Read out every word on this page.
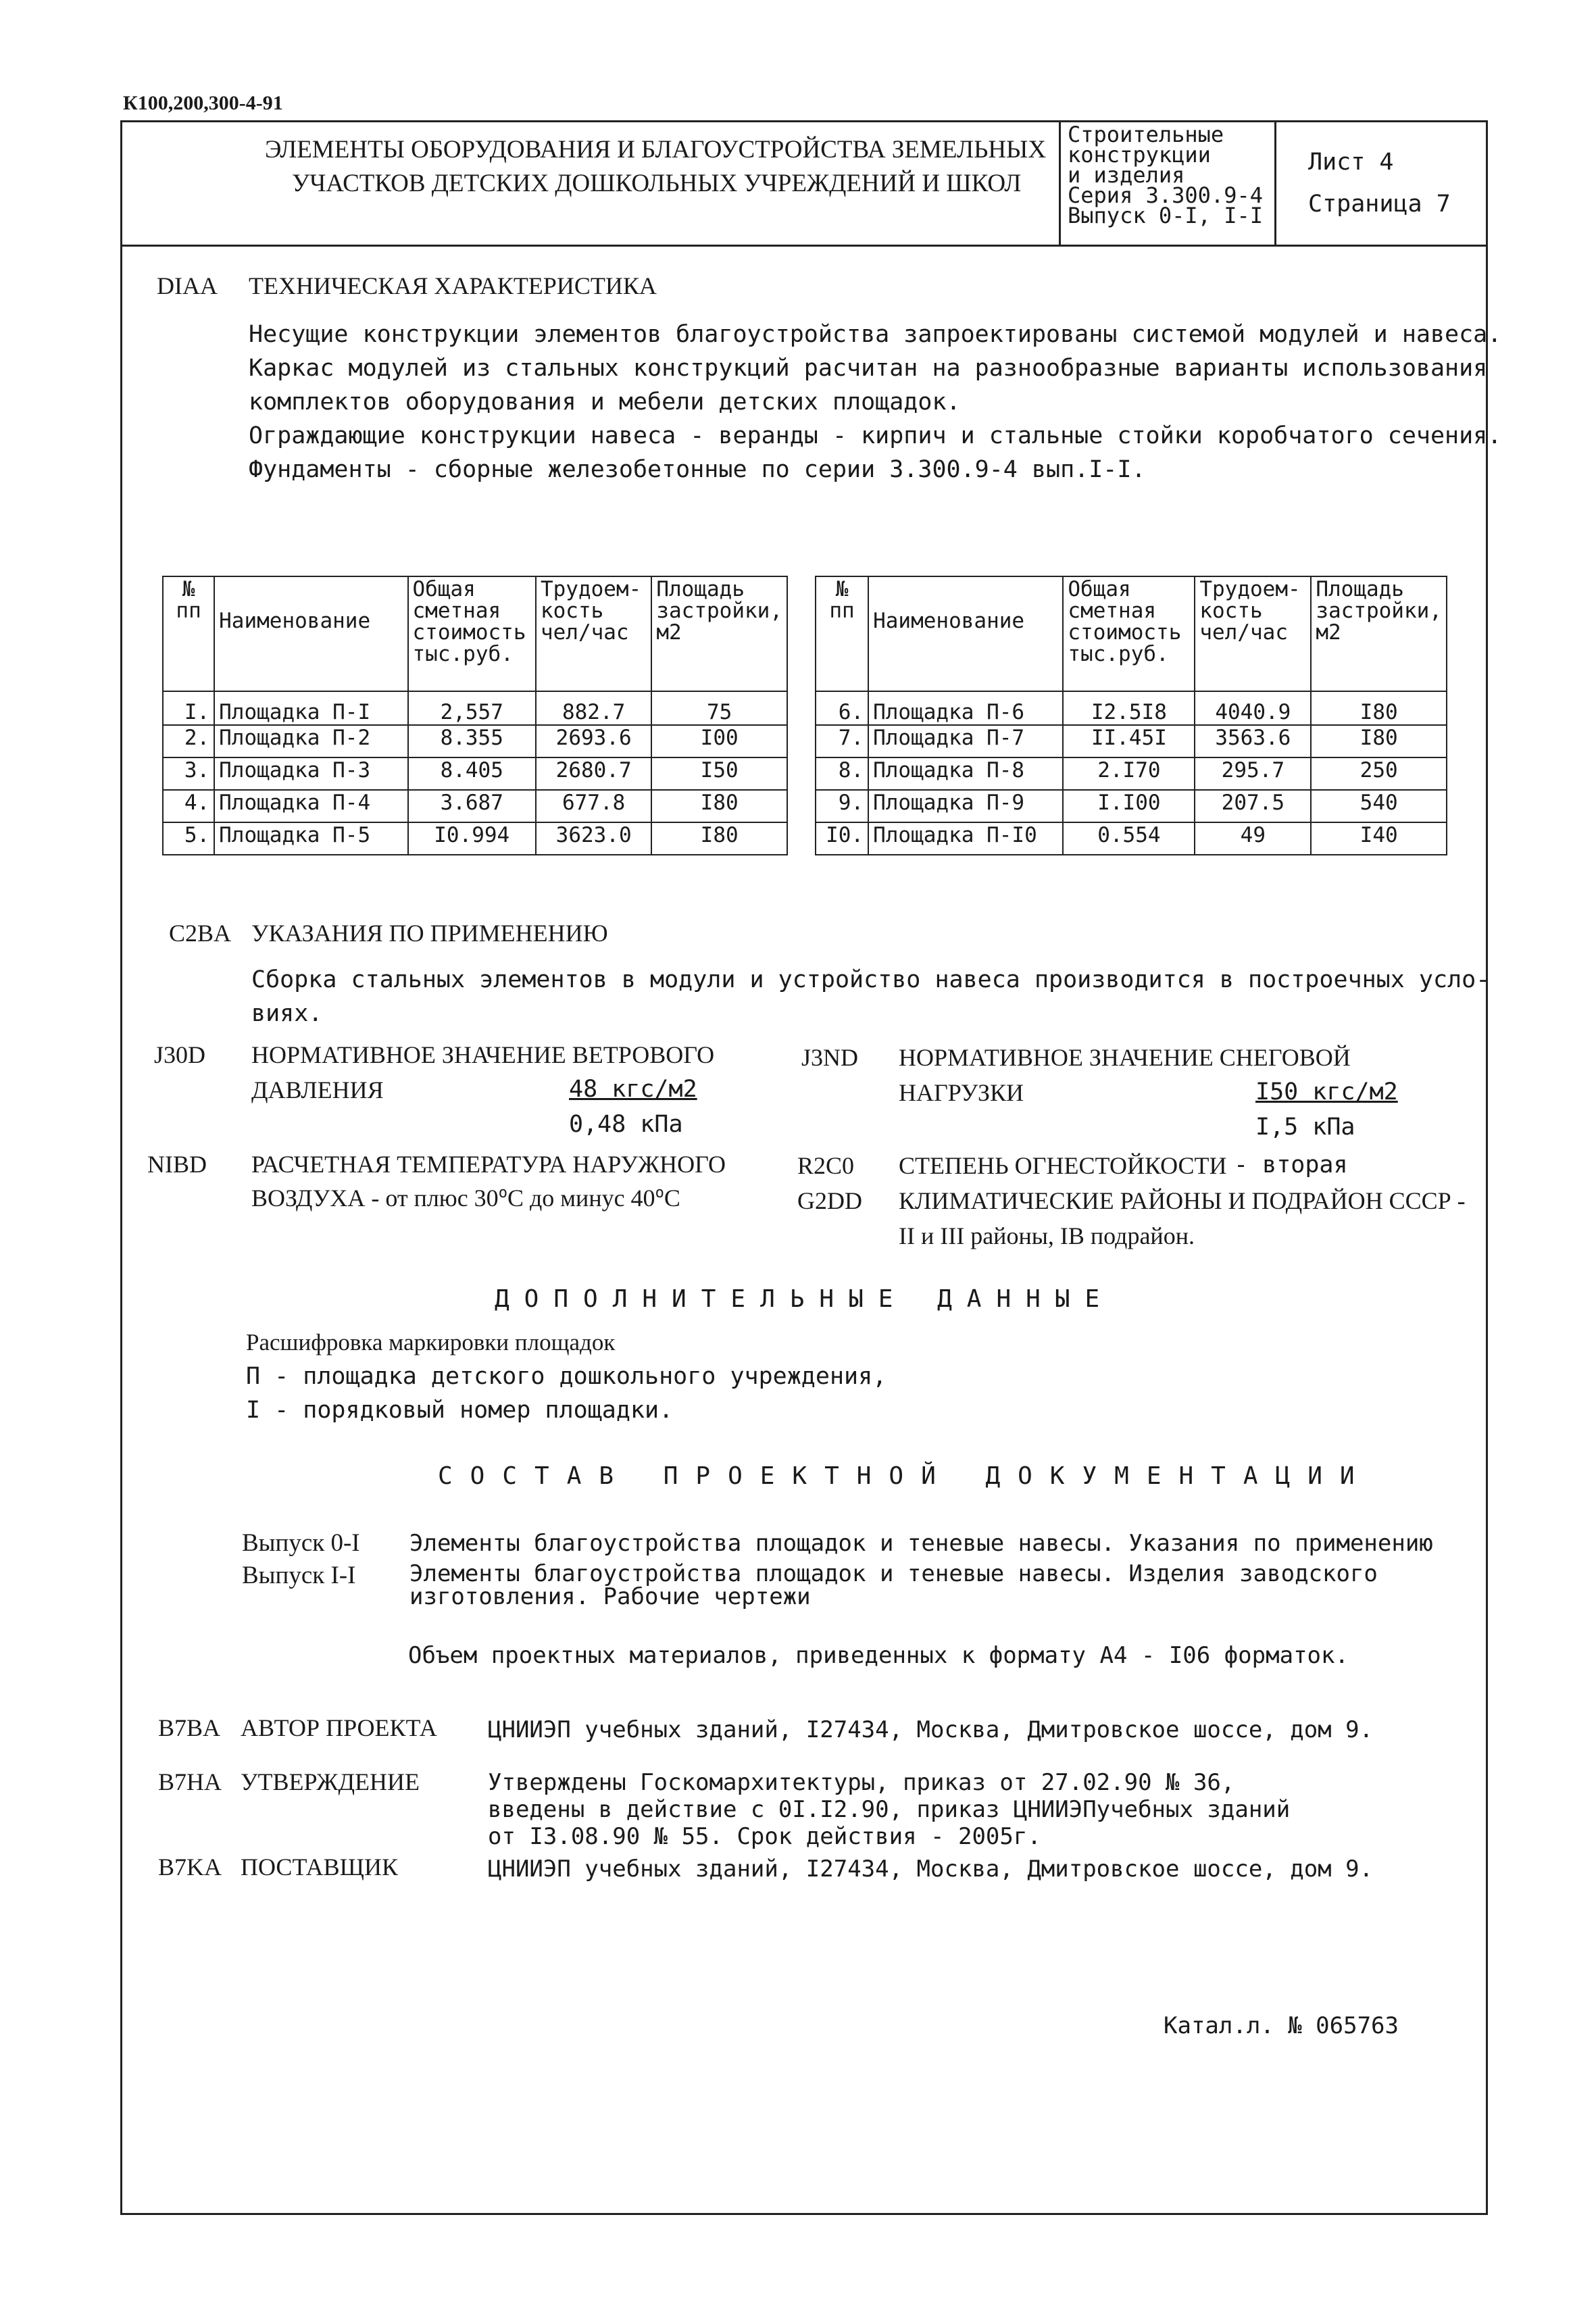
К100,200,300-4-91
ЭЛЕМЕНТЫ ОБОРУДОВАНИЯ И БЛАГОУСТРОЙСТВА ЗЕМЕЛЬНЫХ
УЧАСТКОВ ДЕТСКИХ ДОШКОЛЬНЫХ УЧРЕЖДЕНИЙ И ШКОЛ
Строительные
конструкции
и изделия
Серия 3.300.9-4
Выпуск 0-I, I-I
Лист 4
Страница 7
DIAA ТЕХНИЧЕСКАЯ ХАРАКТЕРИСТИКА
Несущие конструкции элементов благоустройства запроектированы системой модулей и навеса.
Каркас модулей из стальных конструкций расчитан на разнообразные варианты использования
комплектов оборудования и мебели детских площадок.
Ограждающие конструкции навеса - веранды - кирпич и стальные стойки коробчатого сечения.
Фундаменты - сборные железобетонные по серии 3.300.9-4 вып.I-I.
№ пп	Наименование	Общая сметная стоимость тыс.руб.	Трудоем-кость чел/час	Площадь застройки, м2
I.	Площадка П-I	2,557	882.7	75
2.	Площадка П-2	8.355	2693.6	I00
3.	Площадка П-3	8.405	2680.7	I50
4.	Площадка П-4	3.687	677.8	I80
5.	Площадка П-5	I0.994	3623.0	I80
№ пп	Наименование	Общая сметная стоимость тыс.руб.	Трудоем-кость чел/час	Площадь застройки, м2
6.	Площадка П-6	I2.5I8	4040.9	I80
7.	Площадка П-7	II.45I	3563.6	I80
8.	Площадка П-8	2.I70	295.7	250
9.	Площадка П-9	I.I00	207.5	540
I0.	Площадка П-I0	0.554	49	I40
C2BA УКАЗАНИЯ ПО ПРИМЕНЕНИЮ
Сборка стальных элементов в модули и устройство навеса производится в построечных усло-
виях.
J30D НОРМАТИВНОЕ ЗНАЧЕНИЕ ВЕТРОВОГО
ДАВЛЕНИЯ	48 кгс/м2
0,48 кПа
J3ND НОРМАТИВНОЕ ЗНАЧЕНИЕ СНЕГОВОЙ
НАГРУЗКИ	I50 кгс/м2
I,5 кПа
NIBD РАСЧЕТНАЯ ТЕМПЕРАТУРА НАРУЖНОГО
ВОЗДУХА - от плюс $30^оС$ до минус $40^оС$
R2C0 СТЕПЕНЬ ОГНЕСТОЙКОСТИ - вторая
G2DD КЛИМАТИЧЕСКИЕ РАЙОНЫ И ПОДРАЙОН СССР -
II и III районы, IВ подрайон.
ДОПОЛНИТЕЛЬНЫЕ ДАННЫЕ
Расшифровка маркировки площадок
П - площадка детского дошкольного учреждения,
I - порядковый номер площадки.
СОСТАВ ПРОЕКТНОЙ ДОКУМЕНТАЦИИ
Выпуск 0-I Элементы благоустройства площадок и теневые навесы. Указания по применению
Выпуск I-I Элементы благоустройства площадок и теневые навесы. Изделия заводского
изготовления. Рабочие чертежи
Объем проектных материалов, приведенных к формату А4 - I06 форматок.
B7BA АВТОР ПРОЕКТА ЦНИИЭП учебных зданий, I27434, Москва, Дмитровское шоссе, дом 9.
B7HA УТВЕРЖДЕНИЕ	Утверждены Госкомархитектуры, приказ от 27.02.90 № 36,
введены в действие с 0I.I2.90, приказ ЦНИИЭПучебных зданий
от I3.08.90 № 55. Срок действия - 2005г.
B7KA ПОСТАВЩИК	ЦНИИЭП учебных зданий, I27434, Москва, Дмитровское шоссе, дом 9.
Катал.л. № 065763
